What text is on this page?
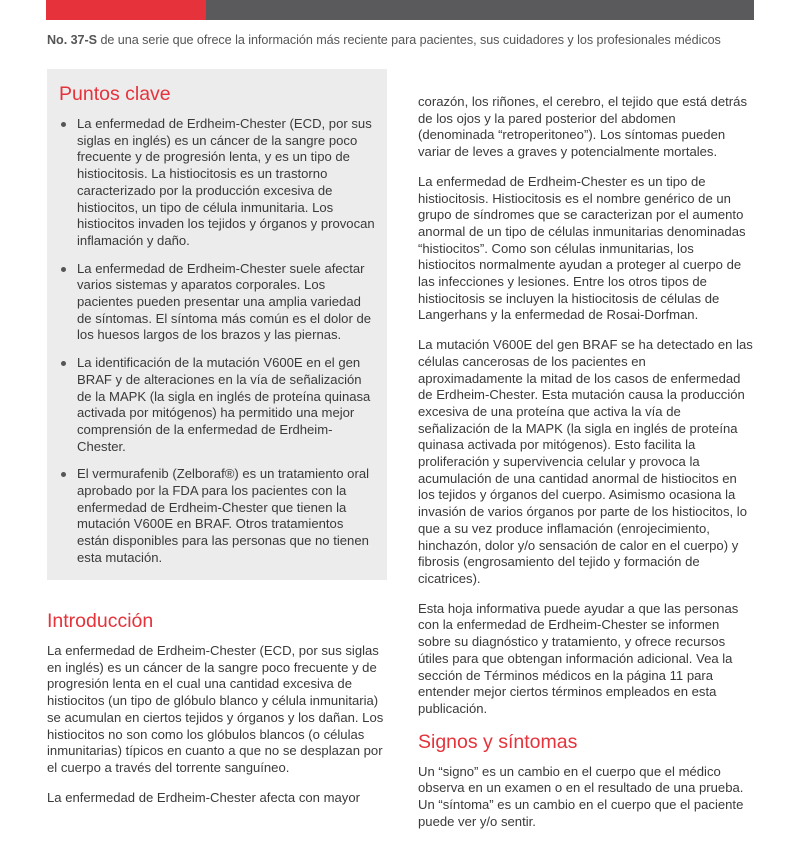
No. 37-S de una serie que ofrece la información más reciente para pacientes, sus cuidadores y los profesionales médicos
Puntos clave
La enfermedad de Erdheim-Chester (ECD, por sus siglas en inglés) es un cáncer de la sangre poco frecuente y de progresión lenta, y es un tipo de histiocitosis. La histiocitosis es un trastorno caracterizado por la producción excesiva de histiocitos, un tipo de célula inmunitaria. Los histiocitos invaden los tejidos y órganos y provocan inflamación y daño.
La enfermedad de Erdheim-Chester suele afectar varios sistemas y aparatos corporales. Los pacientes pueden presentar una amplia variedad de síntomas. El síntoma más común es el dolor de los huesos largos de los brazos y las piernas.
La identificación de la mutación V600E en el gen BRAF y de alteraciones en la vía de señalización de la MAPK (la sigla en inglés de proteína quinasa activada por mitógenos) ha permitido una mejor comprensión de la enfermedad de Erdheim-Chester.
El vermurafenib (Zelboraf®) es un tratamiento oral aprobado por la FDA para los pacientes con la enfermedad de Erdheim-Chester que tienen la mutación V600E en BRAF. Otros tratamientos están disponibles para las personas que no tienen esta mutación.
Introducción

La enfermedad de Erdheim-Chester (ECD, por sus siglas en inglés) es un cáncer de la sangre poco frecuente y de progresión lenta en el cual una cantidad excesiva de histiocitos (un tipo de glóbulo blanco y célula inmunitaria) se acumulan en ciertos tejidos y órganos y los dañan. Los histiocitos no son como los glóbulos blancos (o células inmunitarias) típicos en cuanto a que no se desplazan por el cuerpo a través del torrente sanguíneo.

La enfermedad de Erdheim-Chester afecta con mayor

corazón, los riñones, el cerebro, el tejido que está detrás de los ojos y la pared posterior del abdomen (denominada “retroperitoneo”). Los síntomas pueden variar de leves a graves y potencialmente mortales.

La enfermedad de Erdheim-Chester es un tipo de histiocitosis. Histiocitosis es el nombre genérico de un grupo de síndromes que se caracterizan por el aumento anormal de un tipo de células inmunitarias denominadas “histiocitos”. Como son células inmunitarias, los histiocitos normalmente ayudan a proteger al cuerpo de las infecciones y lesiones. Entre los otros tipos de histiocitosis se incluyen la histiocitosis de células de Langerhans y la enfermedad de Rosai-Dorfman.

La mutación V600E del gen BRAF se ha detectado en las células cancerosas de los pacientes en aproximadamente la mitad de los casos de enfermedad de Erdheim-Chester. Esta mutación causa la producción excesiva de una proteína que activa la vía de señalización de la MAPK (la sigla en inglés de proteína quinasa activada por mitógenos). Esto facilita la proliferación y supervivencia celular y provoca la acumulación de una cantidad anormal de histiocitos en los tejidos y órganos del cuerpo. Asimismo ocasiona la invasión de varios órganos por parte de los histiocitos, lo que a su vez produce inflamación (enrojecimiento, hinchazón, dolor y/o sensación de calor en el cuerpo) y fibrosis (engrosamiento del tejido y formación de cicatrices).

Esta hoja informativa puede ayudar a que las personas con la enfermedad de Erdheim-Chester se informen sobre su diagnóstico y tratamiento, y ofrece recursos útiles para que obtengan información adicional. Vea la sección de Términos médicos en la página 11 para entender mejor ciertos términos empleados en esta publicación.

Signos y síntomas

Un “signo” es un cambio en el cuerpo que el médico observa en un examen o en el resultado de una prueba. Un “síntoma” es un cambio en el cuerpo que el paciente puede ver y/o sentir.
